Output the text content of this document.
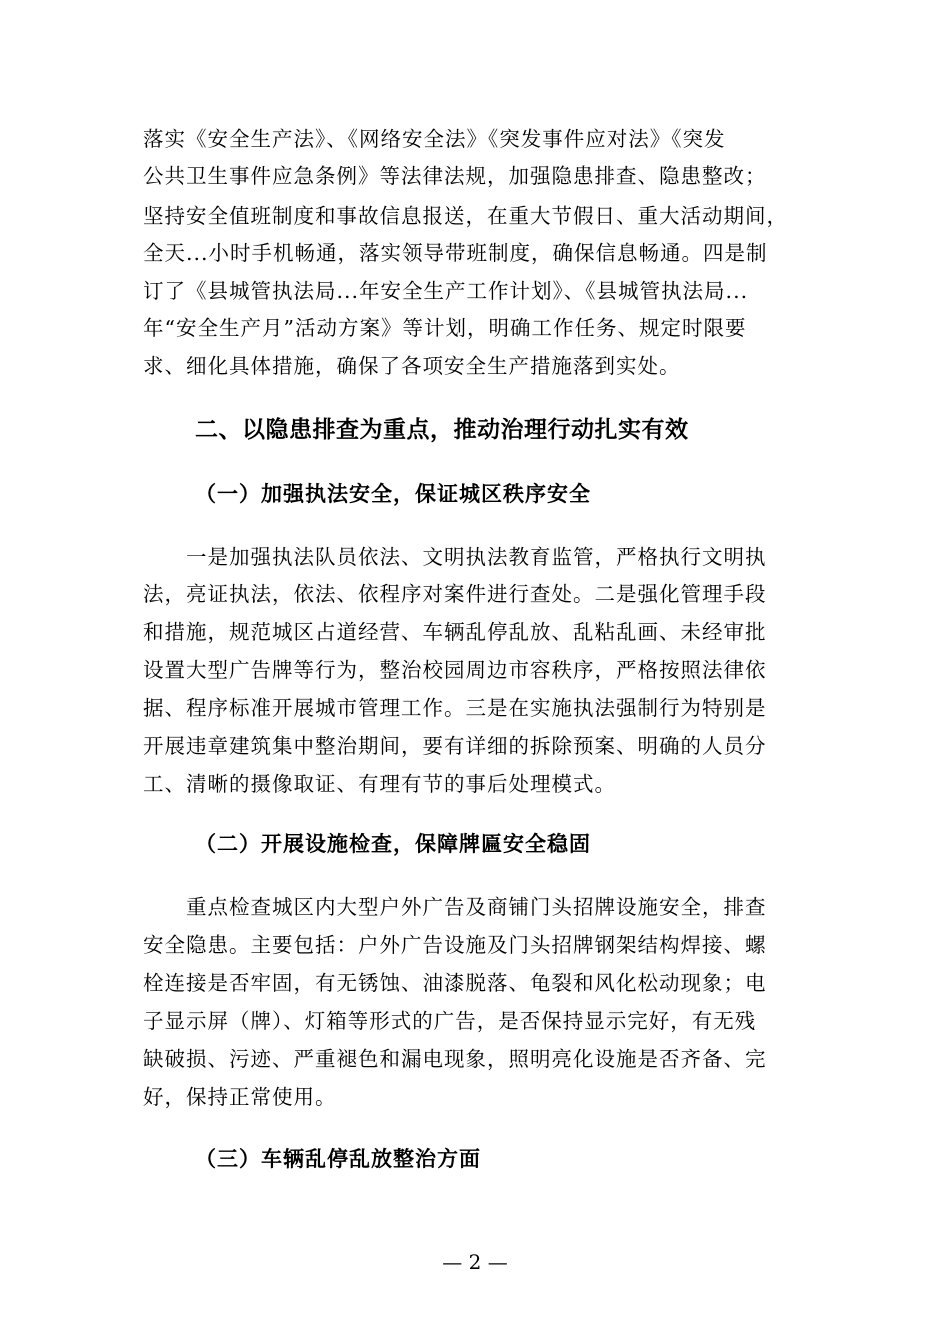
落实《安全生产法》、《网络安全法》《突发事件应对法》《突发
公共卫生事件应急条例》等法律法规，加强隐患排查、隐患整改；
坚持安全值班制度和事故信息报送，在重大节假日、重大活动期间，
全天...小时手机畅通，落实领导带班制度，确保信息畅通。四是制
订了《县城管执法局...年安全生产工作计划》、《县城管执法局...
年“安全生产月”活动方案》等计划，明确工作任务、规定时限要
求、细化具体措施，确保了各项安全生产措施落到实处。
二、以隐患排查为重点，推动治理行动扎实有效
（一）加强执法安全，保证城区秩序安全
一是加强执法队员依法、文明执法教育监管，严格执行文明执
法，亮证执法，依法、依程序对案件进行查处。二是强化管理手段
和措施，规范城区占道经营、车辆乱停乱放、乱粘乱画、未经审批
设置大型广告牌等行为，整治校园周边市容秩序，严格按照法律依
据、程序标准开展城市管理工作。三是在实施执法强制行为特别是
开展违章建筑集中整治期间，要有详细的拆除预案、明确的人员分
工、清晰的摄像取证、有理有节的事后处理模式。
（二）开展设施检查，保障牌匾安全稳固
重点检查城区内大型户外广告及商铺门头招牌设施安全，排查
安全隐患。主要包括：户外广告设施及门头招牌钢架结构焊接、螺
栓连接是否牢固，有无锈蚀、油漆脱落、龟裂和风化松动现象；电
子显示屏（牌）、灯箱等形式的广告，是否保持显示完好，有无残
缺破损、污迹、严重褪色和漏电现象，照明亮化设施是否齐备、完
好，保持正常使用。
（三）车辆乱停乱放整治方面
— 2 —
